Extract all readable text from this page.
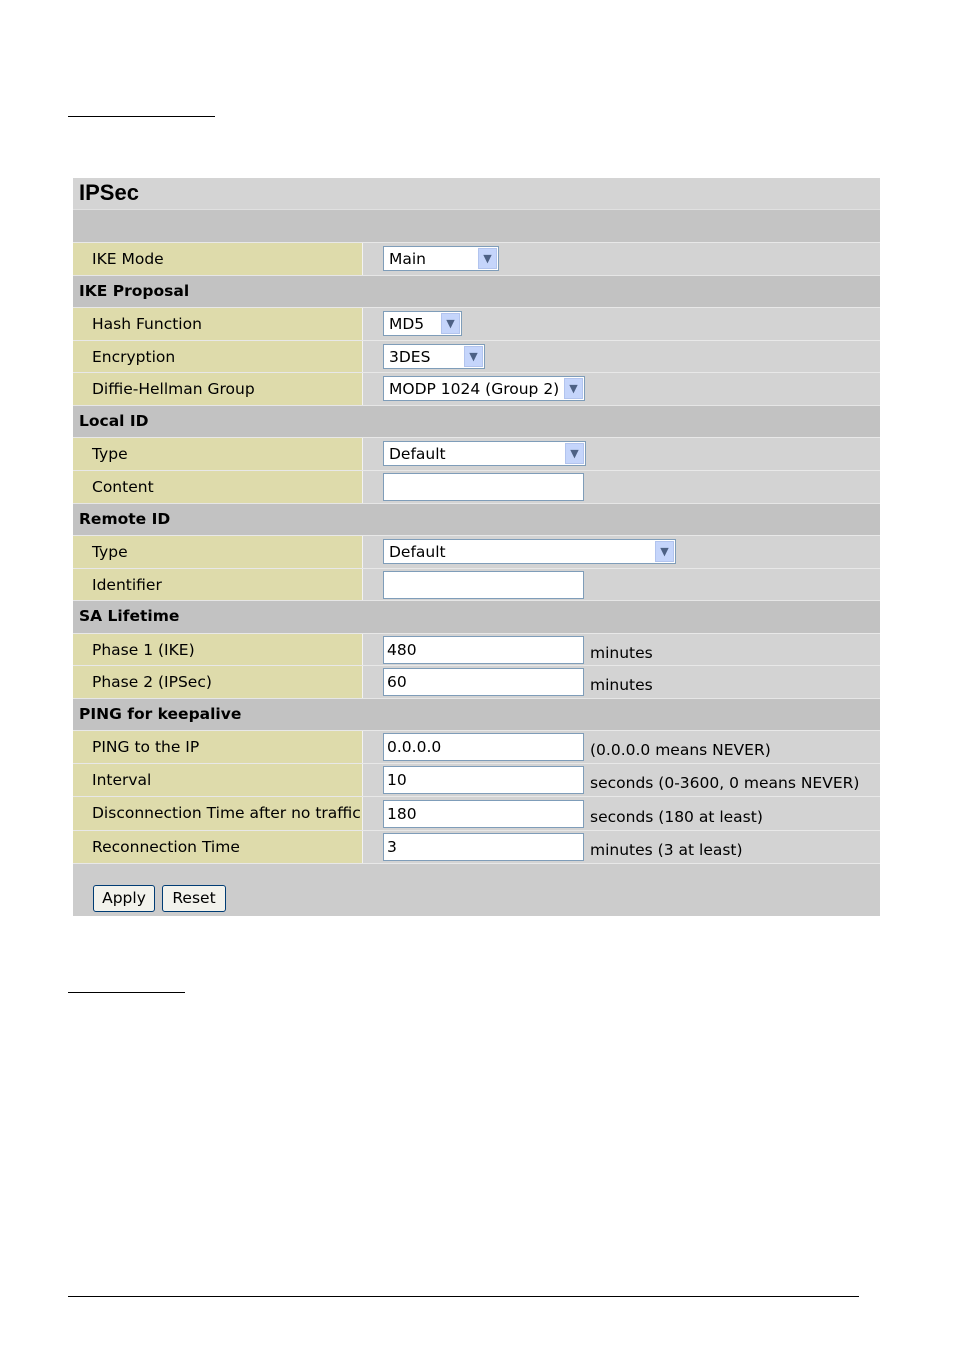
IPSec
IKE Mode	Main	▼
IKE Proposal
Hash Function	MD5	▼
Encryption	3DES	▼
Diffie-Hellman Group	MODP 1024 (Group 2) ▼
Local ID
Type	Default	▼
Content
Remote ID
Type	Default	▼
Identifier
SA Lifetime
Phase 1 (IKE)	480	minutes
Phase 2 (IPSec)	60	minutes
PING for keepalive
PING to the IP	0.0.0.0	(0.0.0.0 means NEVER)
Interval	10	seconds (0-3600, 0 means NEVER)
Disconnection Time after no traffic 180	seconds (180 at least)
Reconnection Time	3	minutes (3 at least)
Apply	Reset
